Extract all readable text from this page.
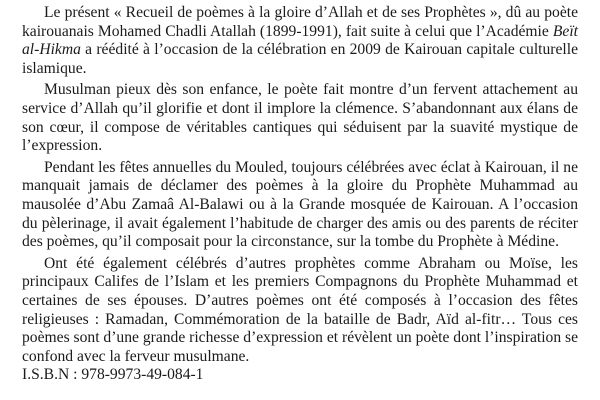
Le présent « Recueil de poèmes à la gloire d’Allah et de ses Prophètes », dû au poète kairouanais Mohamed Chadli Atallah (1899-1991), fait suite à celui que l’Académie Beït al-Hikma a réédité à l’occasion de la célébration en 2009 de Kairouan capitale culturelle islamique.

Musulman pieux dès son enfance, le poète fait montre d’un fervent attachement au service d’Allah qu’il glorifie et dont il implore la clémence. S’abandonnant aux élans de son cœur, il compose de véritables cantiques qui séduisent par la suavité mystique de l’expression.

Pendant les fêtes annuelles du Mouled, toujours célébrées avec éclat à Kairouan, il ne manquait jamais de déclamer des poèmes à la gloire du Prophète Muhammad au mausolée d’Abu Zamaâ Al-Balawi ou à la Grande mosquée de Kairouan. A l’occasion du pèlerinage, il avait également l’habitude de charger des amis ou des parents de réciter des poèmes, qu’il composait pour la circonstance, sur la tombe du Prophète à Médine.

Ont été également célébrés d’autres prophètes comme Abraham ou Moïse, les principaux Califes de l’Islam et les premiers Compagnons du Prophète Muhammad et certaines de ses épouses. D’autres poèmes ont été composés à l’occasion des fêtes religieuses : Ramadan, Commémoration de la bataille de Badr, Aïd al-fitr… Tous ces poèmes sont d’une grande richesse d’expression et révèlent un poète dont l’inspiration se confond avec la ferveur musulmane.

I.S.B.N : 978-9973-49-084-1
